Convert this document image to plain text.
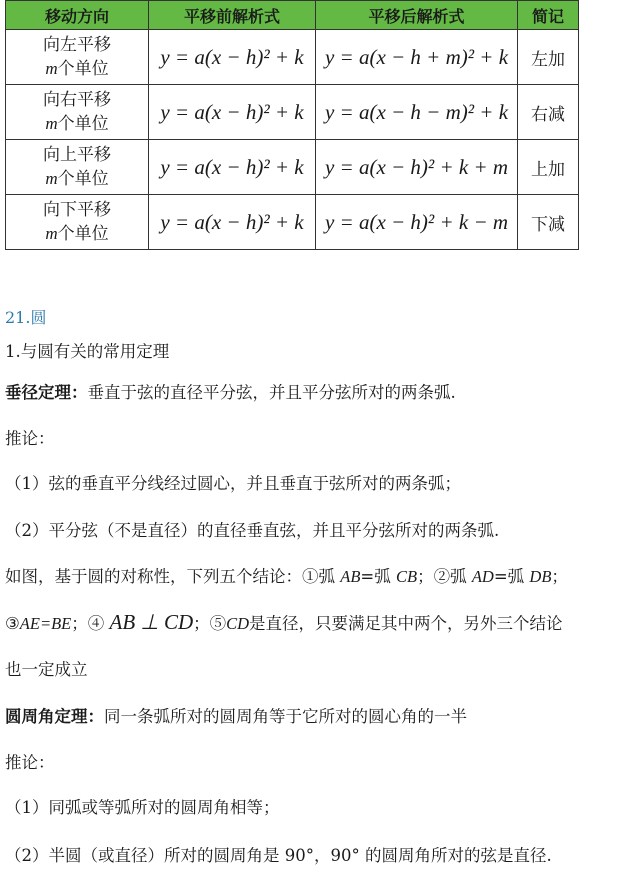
移动方向	平移前解析式	平移后解析式	简记

向左平移
m个单位	y = a(x − h)² + k	y = a(x − h + m)² + k	左加

向右平移
m个单位	y = a(x − h)² + k	y = a(x − h − m)² + k	右减

向上平移
m个单位	y = a(x − h)² + k	y = a(x − h)² + k + m	上加

向下平移
m个单位	y = a(x − h)² + k	y = a(x − h)² + k − m	下减
21.圆
1.与圆有关的常用定理
垂径定理：垂直于弦的直径平分弦，并且平分弦所对的两条弧.
推论：
（1）弦的垂直平分线经过圆心，并且垂直于弦所对的两条弧；
（2）平分弦（不是直径）的直径垂直弦，并且平分弦所对的两条弧.
如图，基于圆的对称性，下列五个结论：①弧 AB=弧 CB；②弧 AD=弧 DB；
③AE=BE；④ AB ⊥ CD；⑤CD是直径，只要满足其中两个，另外三个结论
也一定成立
圆周角定理：同一条弧所对的圆周角等于它所对的圆心角的一半
推论：
（1）同弧或等弧所对的圆周角相等；
（2）半圆（或直径）所对的圆周角是 90°，90° 的圆周角所对的弦是直径.
